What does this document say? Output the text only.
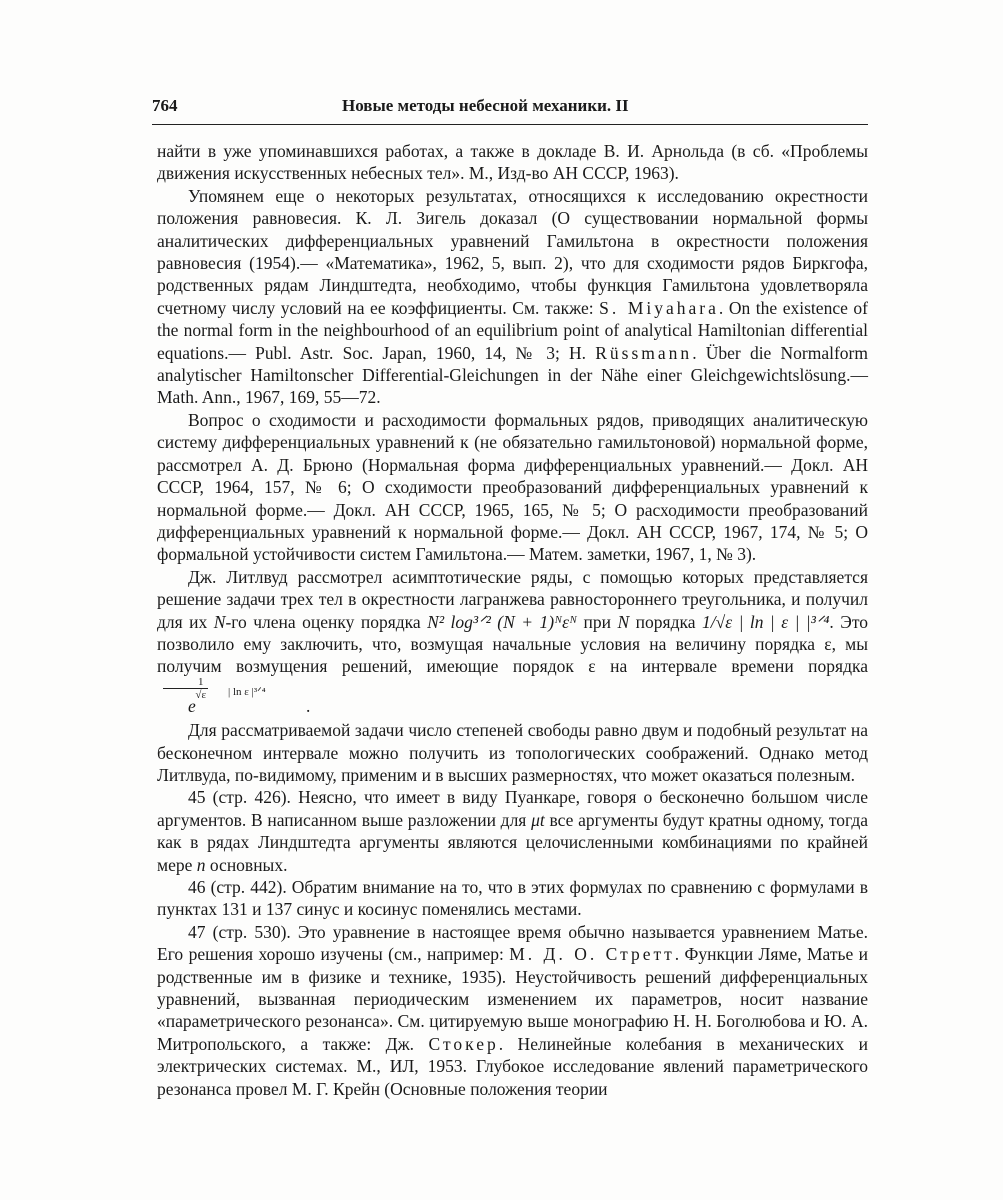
764	Новые методы небесной механики. II

найти в уже упоминавшихся работах, а также в докладе В. И. Арнольда (в сб. «Проблемы движения искусственных небесных тел». М., Изд-во АН СССР, 1963).

Упомянем еще о некоторых результатах, относящихся к исследованию окрестности положения равновесия. К. Л. Зигель доказал (О существовании нормальной формы аналитических дифференциальных уравнений Гамильтона в окрестности положения равновесия (1954).— «Математика», 1962, 5, вып. 2), что для сходимости рядов Биркгофа, родственных рядам Линдштедта, необходимо, чтобы функция Гамильтона удовлетворяла счетному числу условий на ее коэффициенты. См. также: S. Miyahara. On the existence of the normal form in the neighbourhood of an equilibrium point of analytical Hamiltonian differential equations.— Publ. Astr. Soc. Japan, 1960, 14, № 3; H. Rüssmann. Über die Normalform analytischer Hamiltonscher Differential-Gleichungen in der Nähe einer Gleichgewichtslösung.— Math. Ann., 1967, 169, 55—72.

Вопрос о сходимости и расходимости формальных рядов, приводящих аналитическую систему дифференциальных уравнений к (не обязательно гамильтоновой) нормальной форме, рассмотрел А. Д. Брюно (Нормальная форма дифференциальных уравнений.— Докл. АН СССР, 1964, 157, № 6; О сходимости преобразований дифференциальных уравнений к нормальной форме.— Докл. АН СССР, 1965, 165, № 5; О расходимости преобразований дифференциальных уравнений к нормальной форме.— Докл. АН СССР, 1967, 174, № 5; О формальной устойчивости систем Гамильтона.— Матем. заметки, 1967, 1, № 3).

Дж. Литлвуд рассмотрел асимптотические ряды, с помощью которых представляется решение задачи трех тел в окрестности лагранжева равностороннего треугольника, и получил для их N-го члена оценку порядка N² log³ᐟ² (N + 1)ᴺεᴺ при N порядка 1/√ε | ln | ε | |³ᐟ⁴. Это позволило ему заключить, что, возмущая начальные условия на величину порядка ε, мы получим возмущения решений, имеющие порядок ε на интервале времени порядка
$\frac{1}{√\varepsilon}$	| ln ε |³ᐟ⁴
e	.

Для рассматриваемой задачи число степеней свободы равно двум и подобный результат на бесконечном интервале можно получить из топологических соображений. Однако метод Литлвуда, по-видимому, применим и в высших размерностях, что может оказаться полезным.

45 (стр. 426). Неясно, что имеет в виду Пуанкаре, говоря о бесконечно большом числе аргументов. В написанном выше разложении для μt все аргументы будут кратны одному, тогда как в рядах Линдштедта аргументы являются целочисленными комбинациями по крайней мере n основных.

46 (стр. 442). Обратим внимание на то, что в этих формулах по сравнению с формулами в пунктах 131 и 137 синус и косинус поменялись местами.

47 (стр. 530). Это уравнение в настоящее время обычно называется уравнением Матье. Его решения хорошо изучены (см., например: М. Д. О. Стретт. Функции Ляме, Матье и родственные им в физике и технике, 1935). Неустойчивость решений дифференциальных уравнений, вызванная периодическим изменением их параметров, носит название «параметрического резонанса». См. цитируемую выше монографию Н. Н. Боголюбова и Ю. А. Митропольского, а также: Дж. Стокер. Нелинейные колебания в механических и электрических системах. М., ИЛ, 1953. Глубокое исследование явлений параметрического резонанса провел М. Г. Крейн (Основные положения теории
